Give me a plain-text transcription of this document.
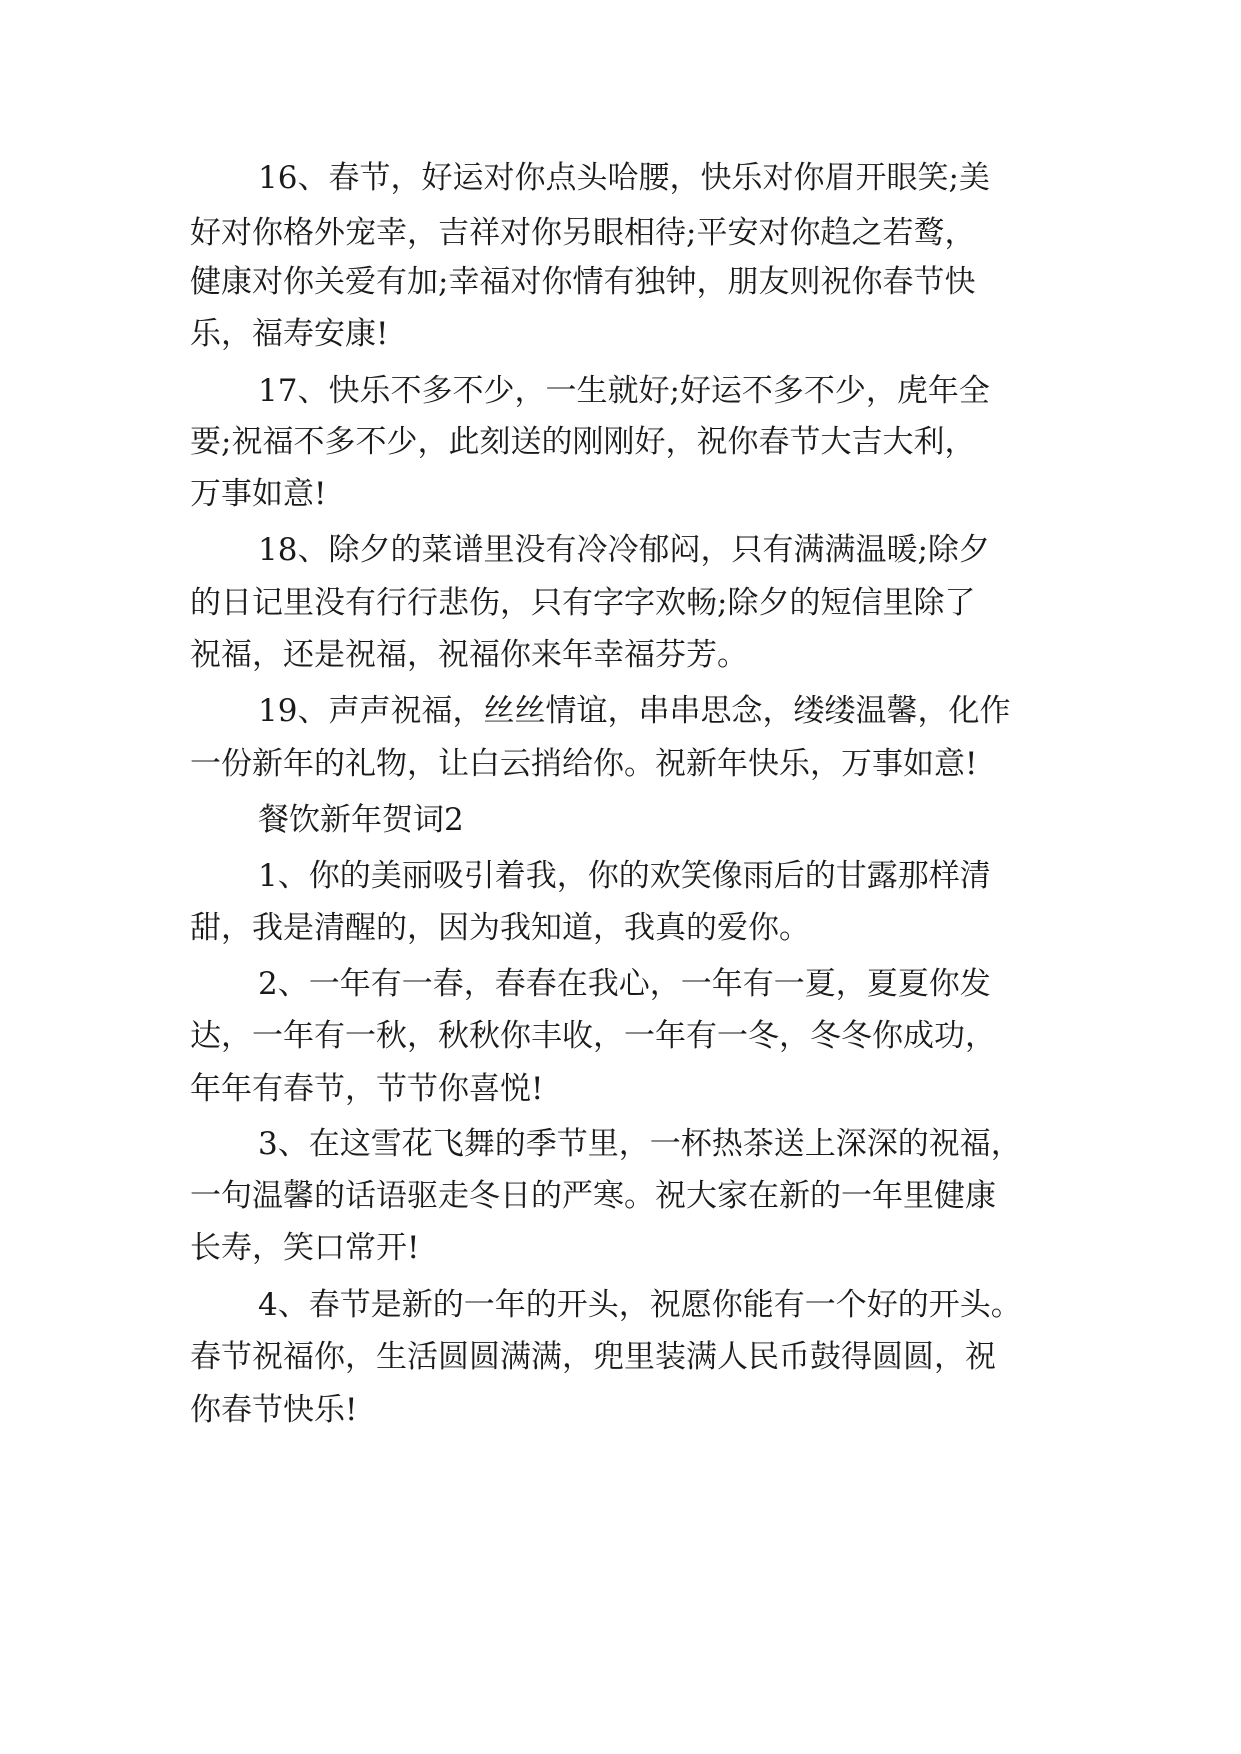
16、春节，好运对你点头哈腰，快乐对你眉开眼笑;美
好对你格外宠幸，吉祥对你另眼相待;平安对你趋之若鹜，
健康对你关爱有加;幸福对你情有独钟，朋友则祝你春节快
乐，福寿安康!
17、快乐不多不少，一生就好;好运不多不少，虎年全
要;祝福不多不少，此刻送的刚刚好，祝你春节大吉大利，
万事如意!
18、除夕的菜谱里没有冷冷郁闷，只有满满温暖;除夕
的日记里没有行行悲伤，只有字字欢畅;除夕的短信里除了
祝福，还是祝福，祝福你来年幸福芬芳。
19、声声祝福，丝丝情谊，串串思念，缕缕温馨，化作
一份新年的礼物，让白云捎给你。祝新年快乐，万事如意!
餐饮新年贺词2
1、你的美丽吸引着我，你的欢笑像雨后的甘露那样清
甜，我是清醒的，因为我知道，我真的爱你。
2、一年有一春，春春在我心，一年有一夏，夏夏你发
达，一年有一秋，秋秋你丰收，一年有一冬，冬冬你成功，
年年有春节，节节你喜悦!
3、在这雪花飞舞的季节里，一杯热茶送上深深的祝福，
一句温馨的话语驱走冬日的严寒。祝大家在新的一年里健康
长寿，笑口常开!
4、春节是新的一年的开头，祝愿你能有一个好的开头。
春节祝福你，生活圆圆满满，兜里装满人民币鼓得圆圆，祝
你春节快乐!
